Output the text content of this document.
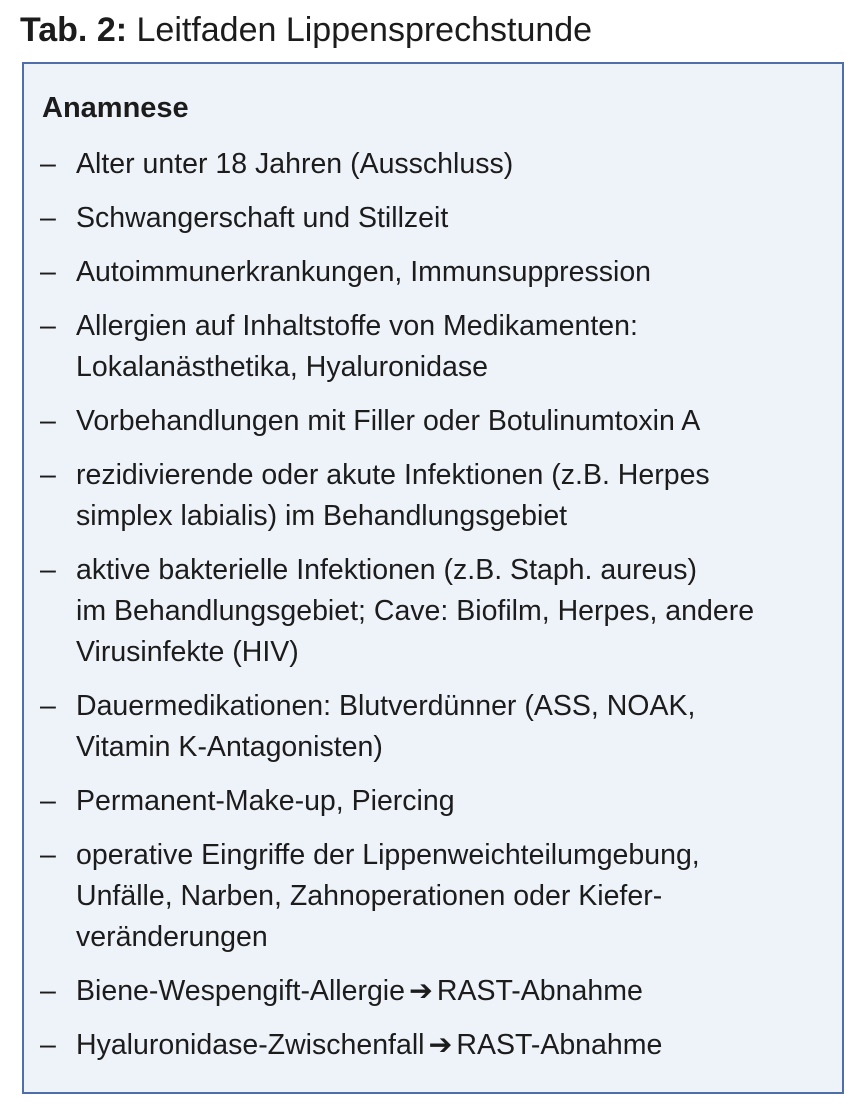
Tab. 2: Leitfaden Lippensprechstunde
Anamnese
– Alter unter 18 Jahren (Ausschluss)
– Schwangerschaft und Stillzeit
– Autoimmunerkrankungen, Immunsuppression
– Allergien auf Inhaltstoffe von Medikamenten:
Lokalanästhetika, Hyaluronidase
– Vorbehandlungen mit Filler oder Botulinumtoxin A
– rezidivierende oder akute Infektionen (z.B. Herpes
simplex labialis) im Behandlungsgebiet
– aktive bakterielle Infektionen (z.B. Staph. aureus)
im Behandlungsgebiet; Cave: Biofilm, Herpes, andere
Virusinfekte (HIV)
– Dauermedikationen: Blutverdünner (ASS, NOAK,
Vitamin K-Antagonisten)
– Permanent-Make-up, Piercing
– operative Eingriffe der Lippenweichteilumgebung,
Unfälle, Narben, Zahnoperationen oder Kiefer-
veränderungen
– Biene-Wespengift-Allergie ➔ RAST-Abnahme
– Hyaluronidase-Zwischenfall ➔ RAST-Abnahme
